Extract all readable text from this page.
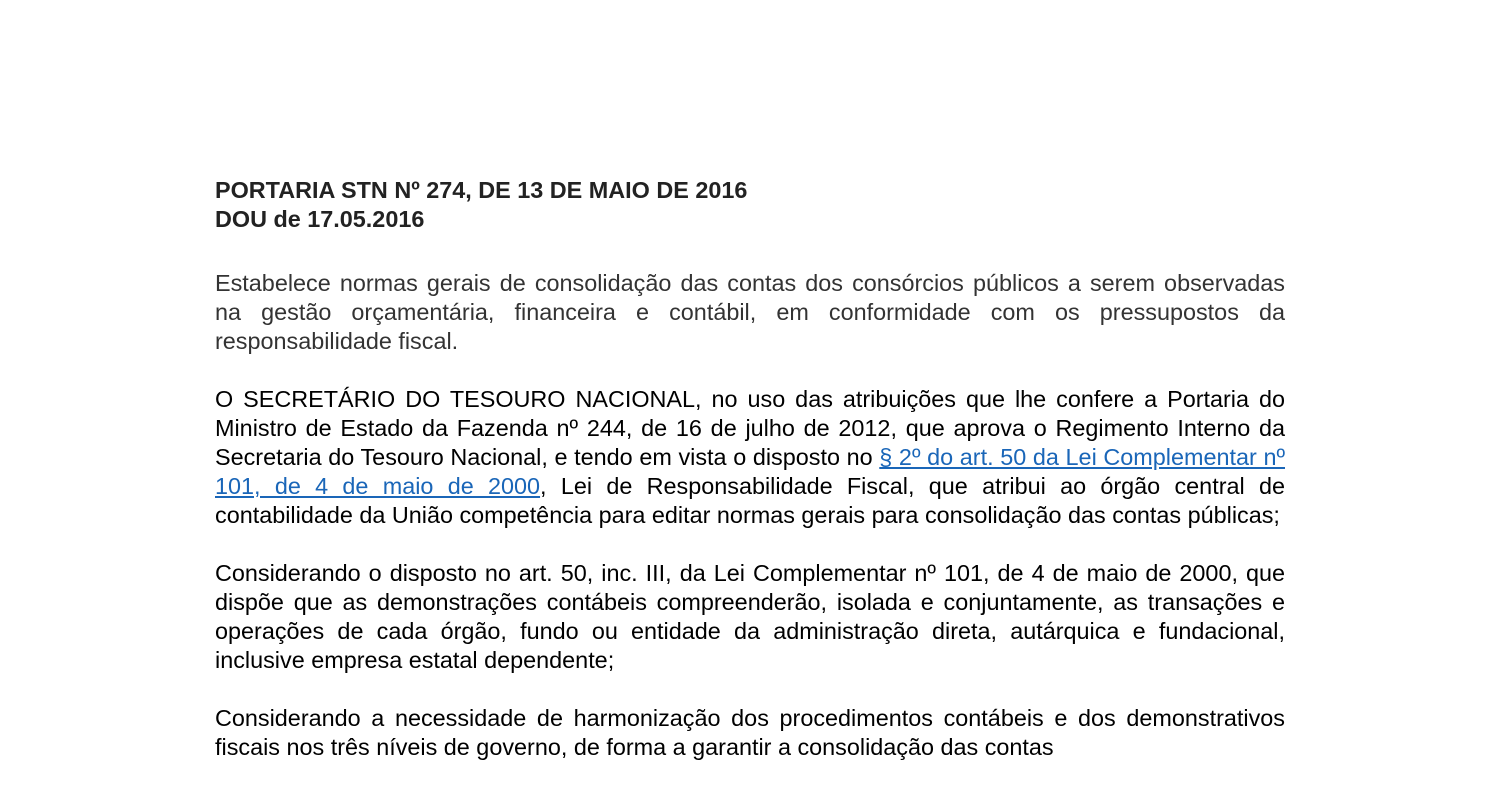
PORTARIA STN Nº 274, DE 13 DE MAIO DE 2016
DOU de 17.05.2016

Estabelece normas gerais de consolidação das contas dos consórcios públicos a serem observadas na gestão orçamentária, financeira e contábil, em conformidade com os pressupostos da responsabilidade fiscal.

O SECRETÁRIO DO TESOURO NACIONAL, no uso das atribuições que lhe confere a Portaria do Ministro de Estado da Fazenda nº 244, de 16 de julho de 2012, que aprova o Regimento Interno da Secretaria do Tesouro Nacional, e tendo em vista o disposto no § 2º do art. 50 da Lei Complementar nº 101, de 4 de maio de 2000, Lei de Responsabilidade Fiscal, que atribui ao órgão central de contabilidade da União competência para editar normas gerais para consolidação das contas públicas;

Considerando o disposto no art. 50, inc. III, da Lei Complementar nº 101, de 4 de maio de 2000, que dispõe que as demonstrações contábeis compreenderão, isolada e conjuntamente, as transações e operações de cada órgão, fundo ou entidade da administração direta, autárquica e fundacional, inclusive empresa estatal dependente;

Considerando a necessidade de harmonização dos procedimentos contábeis e dos demonstrativos fiscais nos três níveis de governo, de forma a garantir a consolidação das contas
